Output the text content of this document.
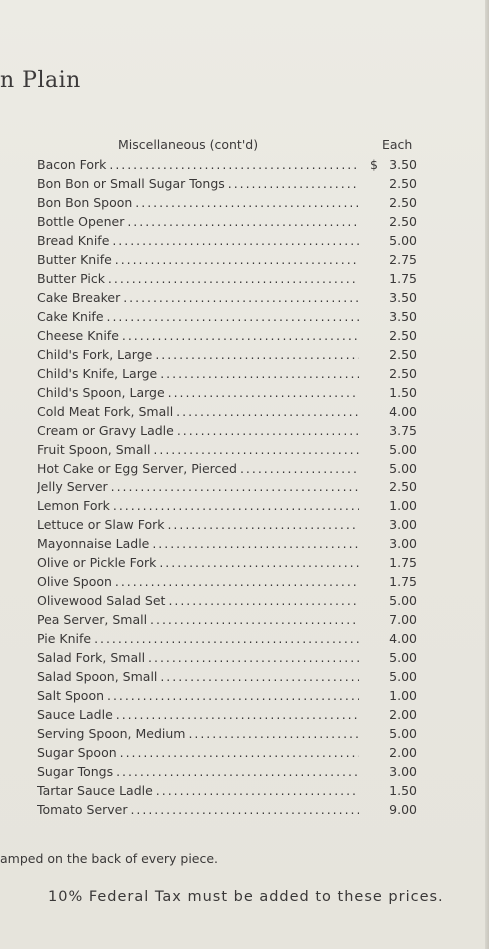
n Plain
Miscellaneous (cont'd)	Each
Bacon Fork . . .	$ 3.50
Bon Bon or Small Sugar Tongs . . .	2.50
Bon Bon Spoon . . .	2.50
Bottle Opener . . .	2.50
Bread Knife . . .	5.00
Butter Knife . . .	2.75
Butter Pick . . .	1.75
Cake Breaker . . .	3.50
Cake Knife . . .	3.50
Cheese Knife . . .	2.50
Child's Fork, Large . . .	2.50
Child's Knife, Large . . .	2.50
Child's Spoon, Large . . .	1.50
Cold Meat Fork, Small . . .	4.00
Cream or Gravy Ladle . . .	3.75
Fruit Spoon, Small . . .	5.00
Hot Cake or Egg Server, Pierced . . .	5.00
Jelly Server . . .	2.50
Lemon Fork . . .	1.00
Lettuce or Slaw Fork . . .	3.00
Mayonnaise Ladle . . .	3.00
Olive or Pickle Fork . . .	1.75
Olive Spoon . . .	1.75
Olivewood Salad Set . . .	5.00
Pea Server, Small . . .	7.00
Pie Knife . . .	4.00
Salad Fork, Small . . .	5.00
Salad Spoon, Small . . .	5.00
Salt Spoon . . .	1.00
Sauce Ladle . . .	2.00
Serving Spoon, Medium . . .	5.00
Sugar Spoon . . .	2.00
Sugar Tongs . . .	3.00
Tartar Sauce Ladle . . .	1.50
Tomato Server . . .	9.00
amped on the back of every piece.
10% Federal Tax must be added to these prices.
